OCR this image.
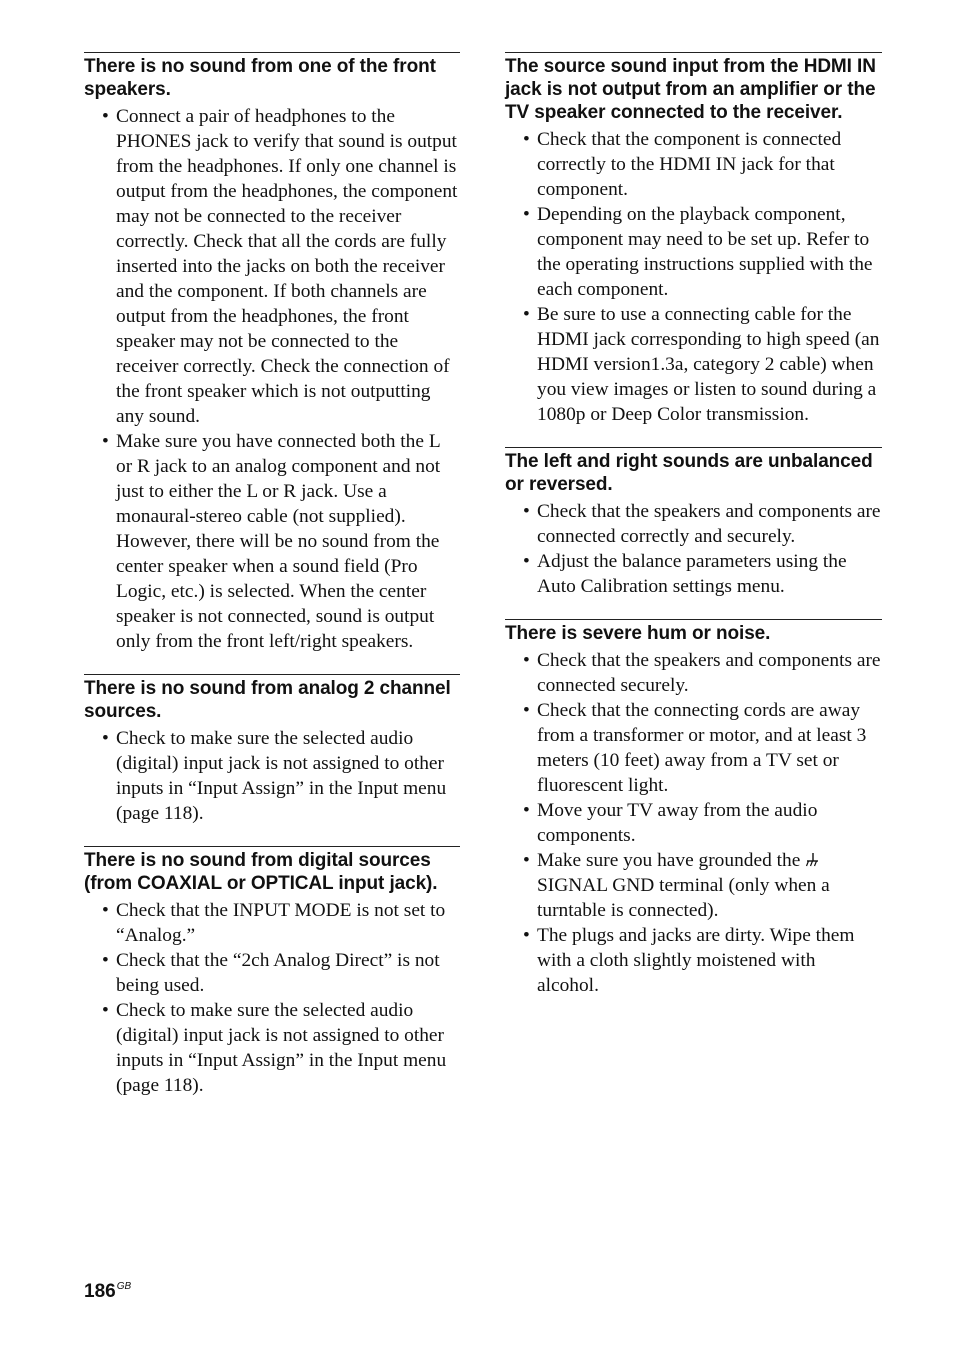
There is no sound from one of the front speakers.
• Connect a pair of headphones to the PHONES jack to verify that sound is output from the headphones. If only one channel is output from the headphones, the component may not be connected to the receiver correctly. Check that all the cords are fully inserted into the jacks on both the receiver and the component. If both channels are output from the headphones, the front speaker may not be connected to the receiver correctly. Check the connection of the front speaker which is not outputting any sound.
• Make sure you have connected both the L or R jack to an analog component and not just to either the L or R jack. Use a monaural-stereo cable (not supplied). However, there will be no sound from the center speaker when a sound field (Pro Logic, etc.) is selected. When the center speaker is not connected, sound is output only from the front left/right speakers.
There is no sound from analog 2 channel sources.
• Check to make sure the selected audio (digital) input jack is not assigned to other inputs in “Input Assign” in the Input menu (page 118).
There is no sound from digital sources (from COAXIAL or OPTICAL input jack).
• Check that the INPUT MODE is not set to “Analog.”
• Check that the “2ch Analog Direct” is not being used.
• Check to make sure the selected audio (digital) input jack is not assigned to other inputs in “Input Assign” in the Input menu (page 118).
The source sound input from the HDMI IN jack is not output from an amplifier or the TV speaker connected to the receiver.
• Check that the component is connected correctly to the HDMI IN jack for that component.
• Depending on the playback component, component may need to be set up. Refer to the operating instructions supplied with the each component.
• Be sure to use a connecting cable for the HDMI jack corresponding to high speed (an HDMI version1.3a, category 2 cable) when you view images or listen to sound during a 1080p or Deep Color transmission.
The left and right sounds are unbalanced or reversed.
• Check that the speakers and components are connected correctly and securely.
• Adjust the balance parameters using the Auto Calibration settings menu.
There is severe hum or noise.
• Check that the speakers and components are connected securely.
• Check that the connecting cords are away from a transformer or motor, and at least 3 meters (10 feet) away from a TV set or fluorescent light.
• Move your TV away from the audio components.
• Make sure you have grounded the  SIGNAL GND terminal (only when a turntable is connected).
• The plugs and jacks are dirty. Wipe them with a cloth slightly moistened with alcohol.
$186^{GB}$
